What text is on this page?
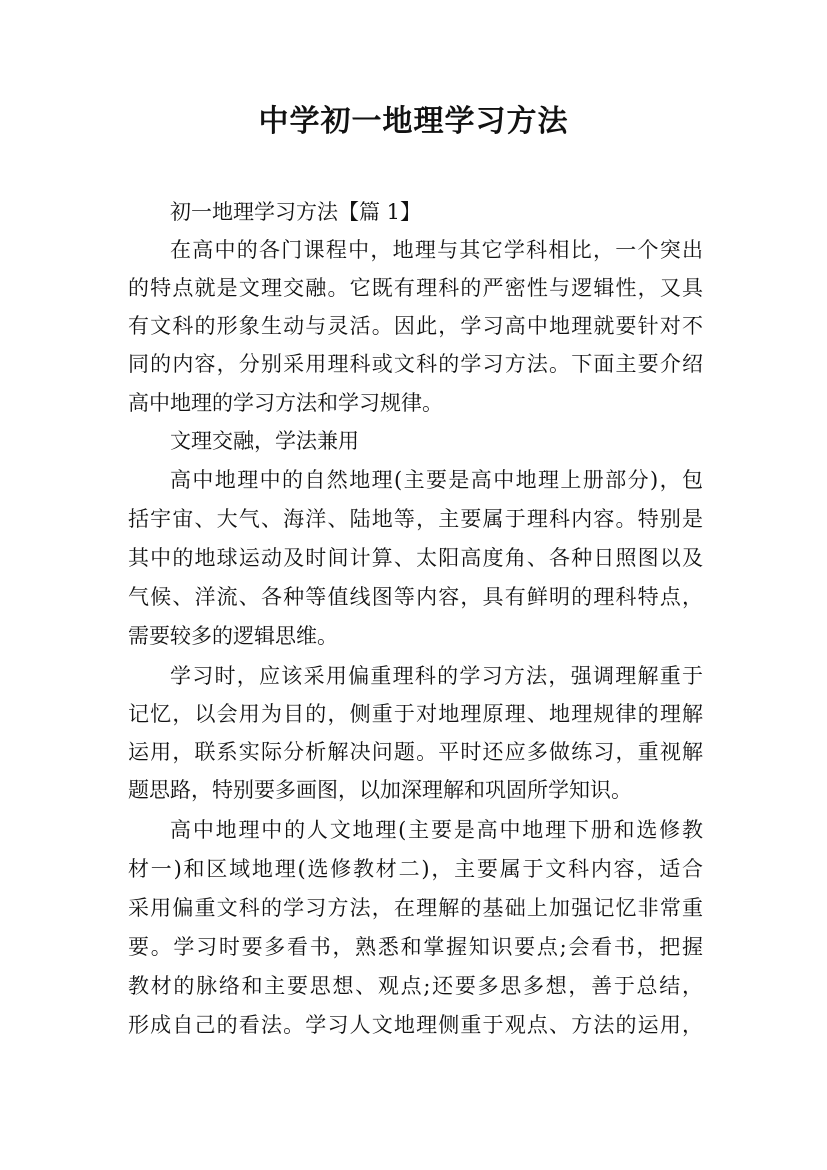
中学初一地理学习方法
初一地理学习方法【篇 1】
在高中的各门课程中，地理与其它学科相比，一个突出
的特点就是文理交融。它既有理科的严密性与逻辑性，又具
有文科的形象生动与灵活。因此，学习高中地理就要针对不
同的内容，分别采用理科或文科的学习方法。下面主要介绍
高中地理的学习方法和学习规律。
文理交融，学法兼用
高中地理中的自然地理(主要是高中地理上册部分)，包
括宇宙、大气、海洋、陆地等，主要属于理科内容。特别是
其中的地球运动及时间计算、太阳高度角、各种日照图以及
气候、洋流、各种等值线图等内容，具有鲜明的理科特点，
需要较多的逻辑思维。
学习时，应该采用偏重理科的学习方法，强调理解重于
记忆，以会用为目的，侧重于对地理原理、地理规律的理解
运用，联系实际分析解决问题。平时还应多做练习，重视解
题思路，特别要多画图，以加深理解和巩固所学知识。
高中地理中的人文地理(主要是高中地理下册和选修教
材一)和区域地理(选修教材二)，主要属于文科内容，适合
采用偏重文科的学习方法，在理解的基础上加强记忆非常重
要。学习时要多看书，熟悉和掌握知识要点;会看书，把握
教材的脉络和主要思想、观点;还要多思多想，善于总结，
形成自己的看法。学习人文地理侧重于观点、方法的运用，
